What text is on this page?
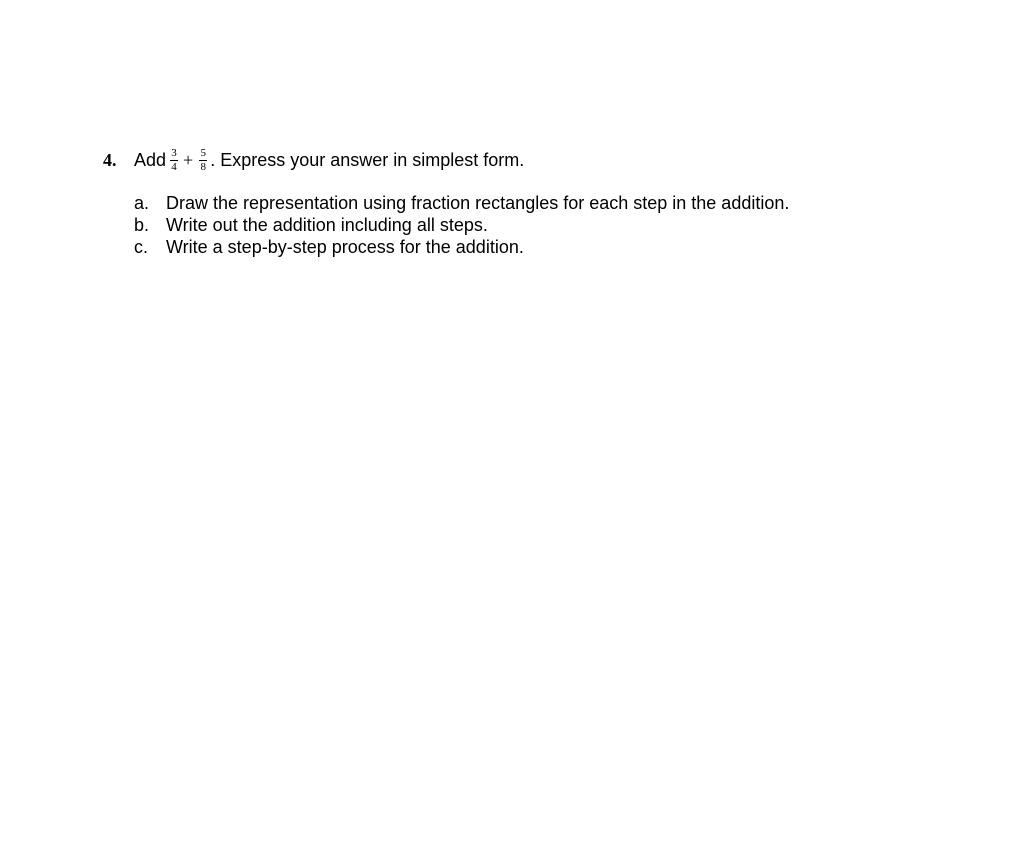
4. Add $\frac{3}{4} + \frac{5}{8}$ . Express your answer in simplest form.
a. Draw the representation using fraction rectangles for each step in the addition.
b. Write out the addition including all steps.
c. Write a step-by-step process for the addition.
